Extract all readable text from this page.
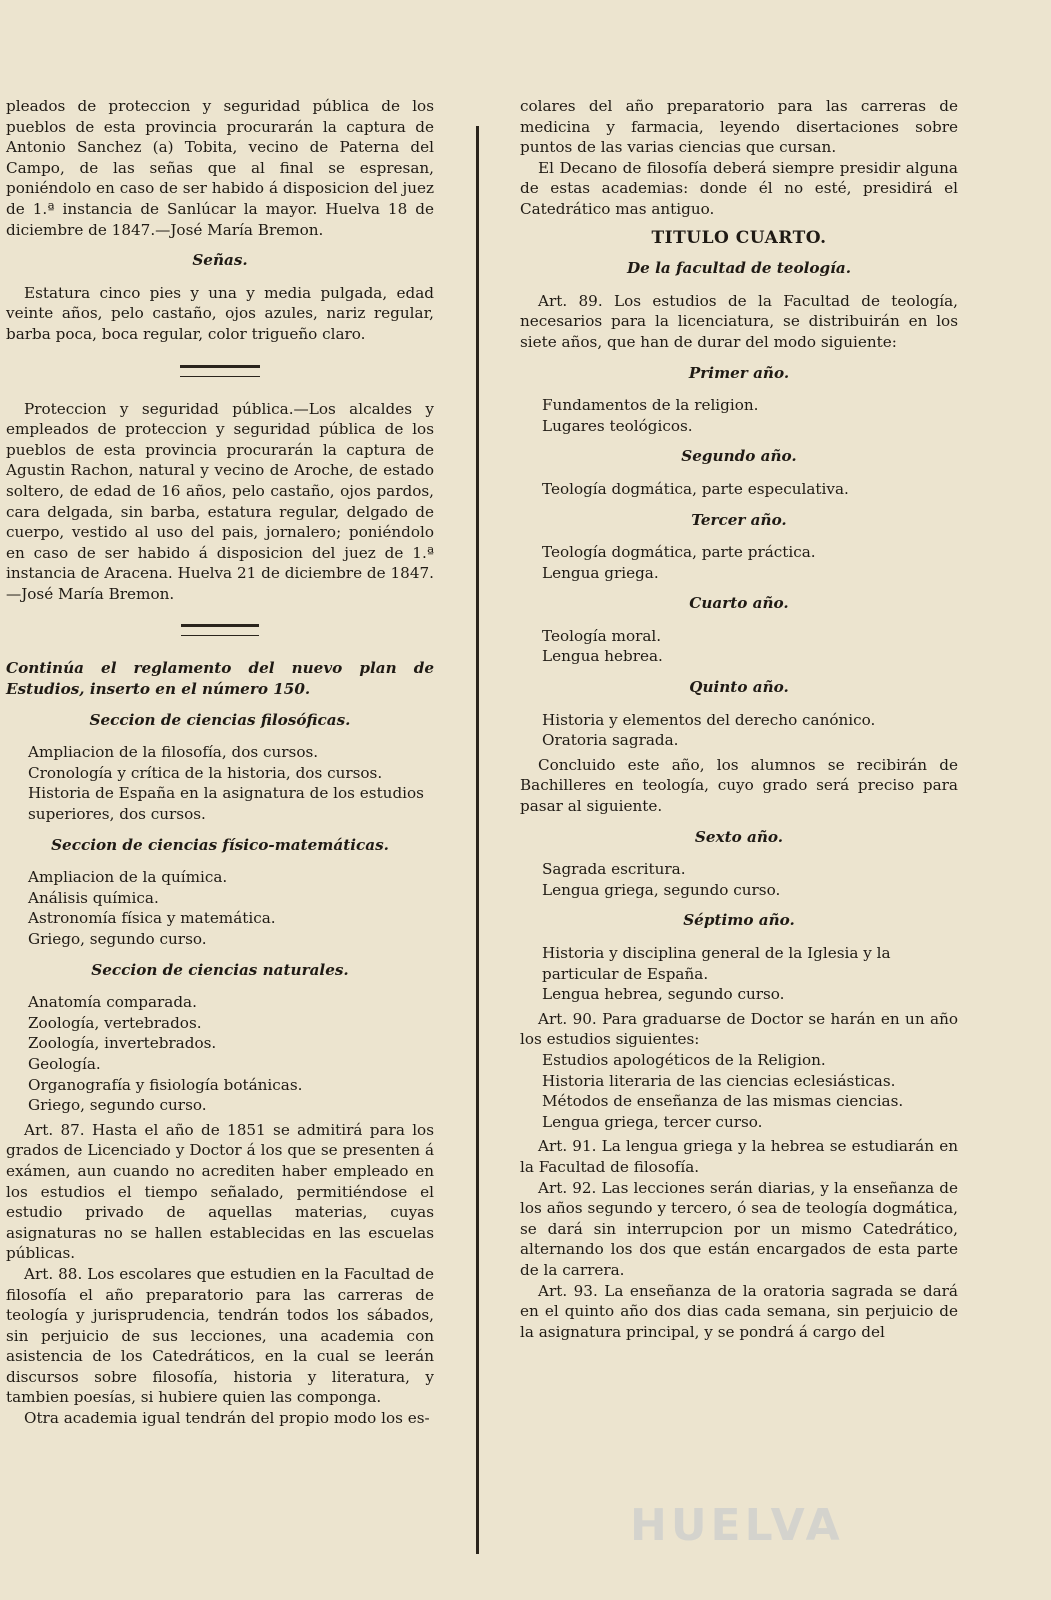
pleados de proteccion y seguridad pública de los pueblos de esta provincia procurarán la captura de Antonio Sanchez (a) Tobita, vecino de Paterna del Campo, de las señas que al final se espresan, poniéndolo en caso de ser habido á disposicion del juez de 1.ª instancia de Sanlúcar la mayor. Huelva 18 de diciembre de 1847.—José María Bremon.

Señas.

Estatura cinco pies y una y media pulgada, edad veinte años, pelo castaño, ojos azules, nariz regular, barba poca, boca regular, color trigueño claro.

Proteccion y seguridad pública.—Los alcaldes y empleados de proteccion y seguridad pública de los pueblos de esta provincia procurarán la captura de Agustin Rachon, natural y vecino de Aroche, de estado soltero, de edad de 16 años, pelo castaño, ojos pardos, cara delgada, sin barba, estatura regular, delgado de cuerpo, vestido al uso del pais, jornalero; poniéndolo en caso de ser habido á disposicion del juez de 1.ª instancia de Aracena. Huelva 21 de diciembre de 1847. —José María Bremon.

Continúa el reglamento del nuevo plan de Estudios, inserto en el número 150.

Seccion de ciencias filosóficas.

Ampliacion de la filosofía, dos cursos.

Cronología y crítica de la historia, dos cursos.

Historia de España en la asignatura de los estudios superiores, dos cursos.

Seccion de ciencias físico-matemáticas.

Ampliacion de la química.

Análisis química.

Astronomía física y matemática.

Griego, segundo curso.

Seccion de ciencias naturales.

Anatomía comparada.

Zoología, vertebrados.

Zoología, invertebrados.

Geología.

Organografía y fisiología botánicas.

Griego, segundo curso.

Art. 87. Hasta el año de 1851 se admitirá para los grados de Licenciado y Doctor á los que se presenten á exámen, aun cuando no acrediten haber empleado en los estudios el tiempo señalado, permitiéndose el estudio privado de aquellas materias, cuyas asignaturas no se hallen establecidas en las escuelas públicas.

Art. 88. Los escolares que estudien en la Facultad de filosofía el año preparatorio para las carreras de teología y jurisprudencia, tendrán todos los sábados, sin perjuicio de sus lecciones, una academia con asistencia de los Catedráticos, en la cual se leerán discursos sobre filosofía, historia y literatura, y tambien poesías, si hubiere quien las componga.

Otra academia igual tendrán del propio modo los es-

colares del año preparatorio para las carreras de medicina y farmacia, leyendo disertaciones sobre puntos de las varias ciencias que cursan.

El Decano de filosofía deberá siempre presidir alguna de estas academias: donde él no esté, presidirá el Catedrático mas antiguo.

TITULO CUARTO.
De la facultad de teología.

Art. 89. Los estudios de la Facultad de teología, necesarios para la licenciatura, se distribuirán en los siete años, que han de durar del modo siguiente:

Primer año.

Fundamentos de la religion.

Lugares teológicos.

Segundo año.

Teología dogmática, parte especulativa.

Tercer año.

Teología dogmática, parte práctica.

Lengua griega.

Cuarto año.

Teología moral.

Lengua hebrea.

Quinto año.

Historia y elementos del derecho canónico.

Oratoria sagrada.

Concluido este año, los alumnos se recibirán de Bachilleres en teología, cuyo grado será preciso para pasar al siguiente.

Sexto año.

Sagrada escritura.

Lengua griega, segundo curso.

Séptimo año.

Historia y disciplina general de la Iglesia y la particular de España.

Lengua hebrea, segundo curso.

Art. 90. Para graduarse de Doctor se harán en un año los estudios siguientes:

Estudios apologéticos de la Religion.

Historia literaria de las ciencias eclesiásticas.

Métodos de enseñanza de las mismas ciencias.

Lengua griega, tercer curso.

Art. 91. La lengua griega y la hebrea se estudiarán en la Facultad de filosofía.

Art. 92. Las lecciones serán diarias, y la enseñanza de los años segundo y tercero, ó sea de teología dogmática, se dará sin interrupcion por un mismo Catedrático, alternando los dos que están encargados de esta parte de la carrera.

Art. 93. La enseñanza de la oratoria sagrada se dará en el quinto año dos dias cada semana, sin perjuicio de la asignatura principal, y se pondrá á cargo del

HUELVA
